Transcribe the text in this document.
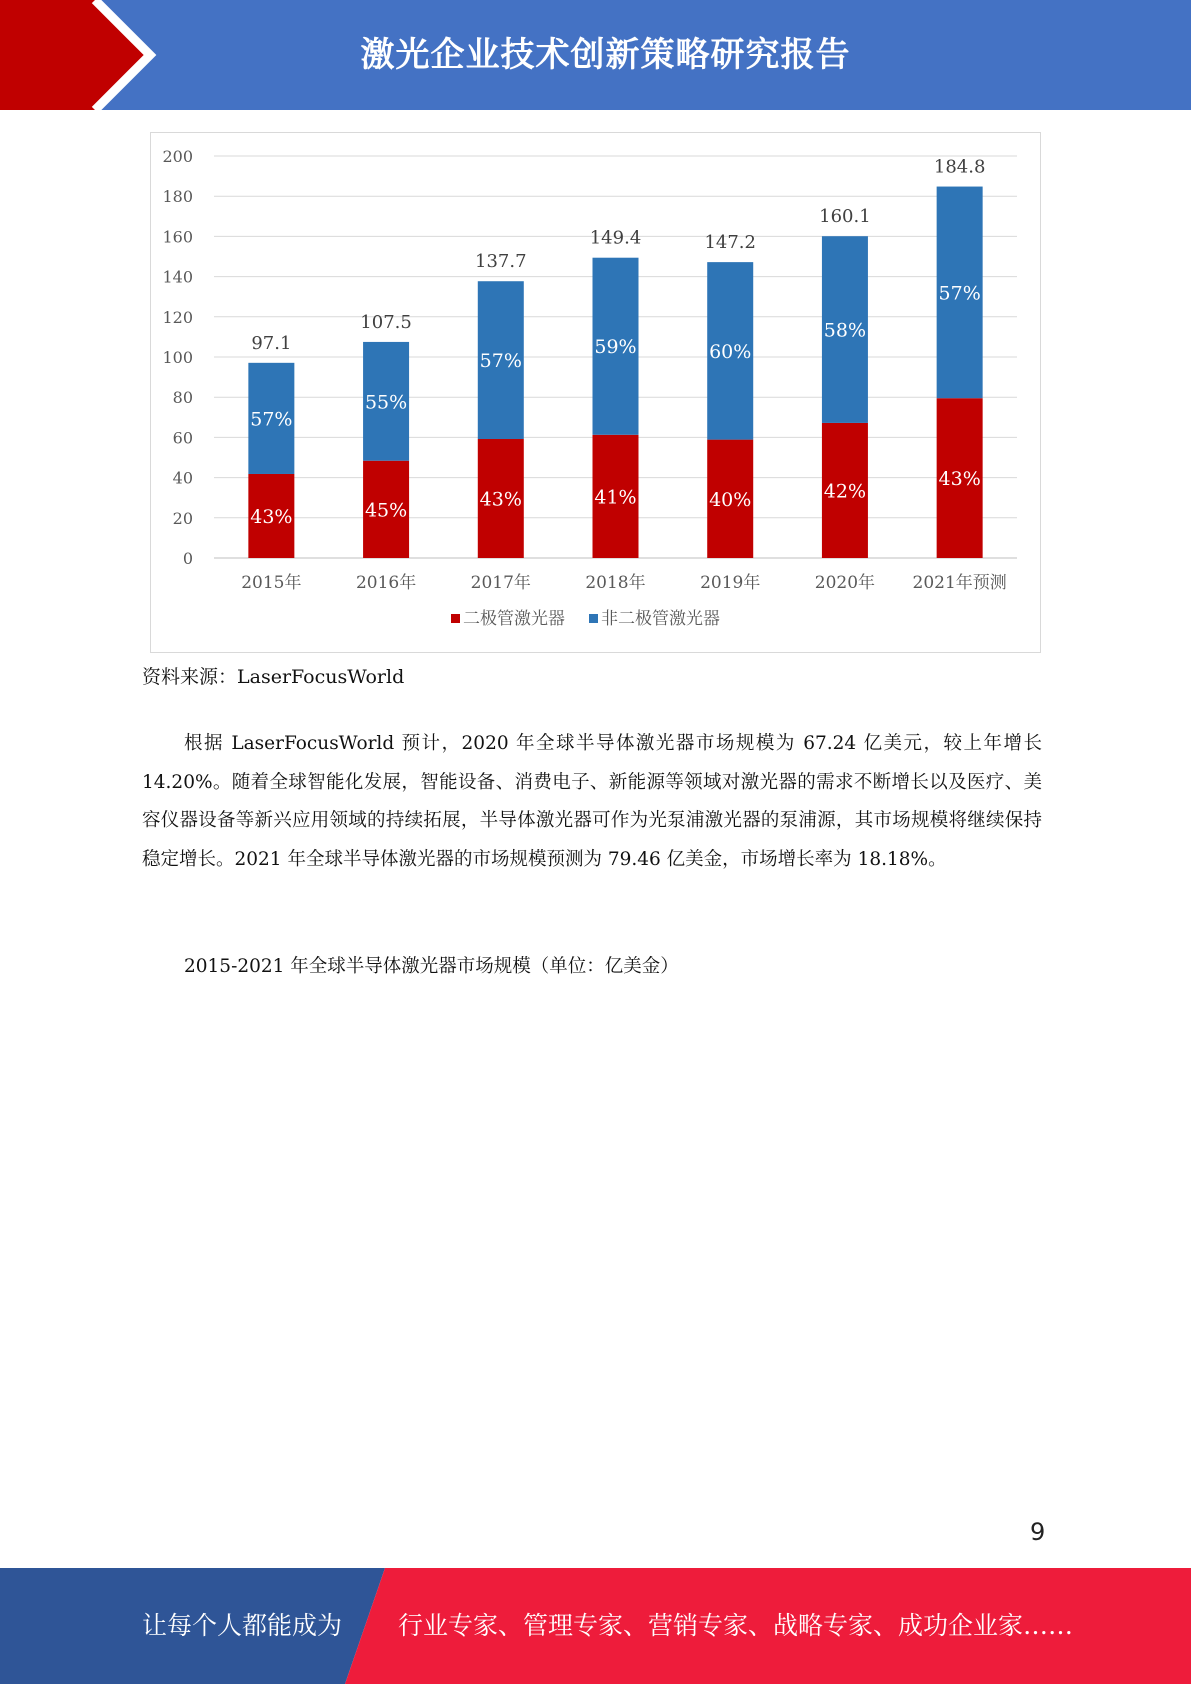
激光企业技术创新策略研究报告
0
20
40
60
80
100
120
140
160
180
200
43%
57%
97.1
2015年
45%
55%
107.5
2016年
43%
57%
137.7
2017年
41%
59%
149.4
2018年
40%
60%
147.2
2019年
42%
58%
160.1
2020年
43%
57%
184.8
2021年预测
二极管激光器 非二极管激光器
资料来源：LaserFocusWorld
根据 LaserFocusWorld 预计，2020 年全球半导体激光器市场规模为 67.24 亿美元，较上年增长 14.20%。随着全球智能化发展，智能设备、消费电子、新能源等领域对激光器的需求不断增长以及医疗、美容仪器设备等新兴应用领域的持续拓展，半导体激光器可作为光泵浦激光器的泵浦源，其市场规模将继续保持稳定增长。2021 年全球半导体激光器的市场规模预测为 79.46 亿美金，市场增长率为 18.18%。
2015-2021 年全球半导体激光器市场规模（单位：亿美金）
9
让每个人都能成为 行业专家、管理专家、营销专家、战略专家、成功企业家……
